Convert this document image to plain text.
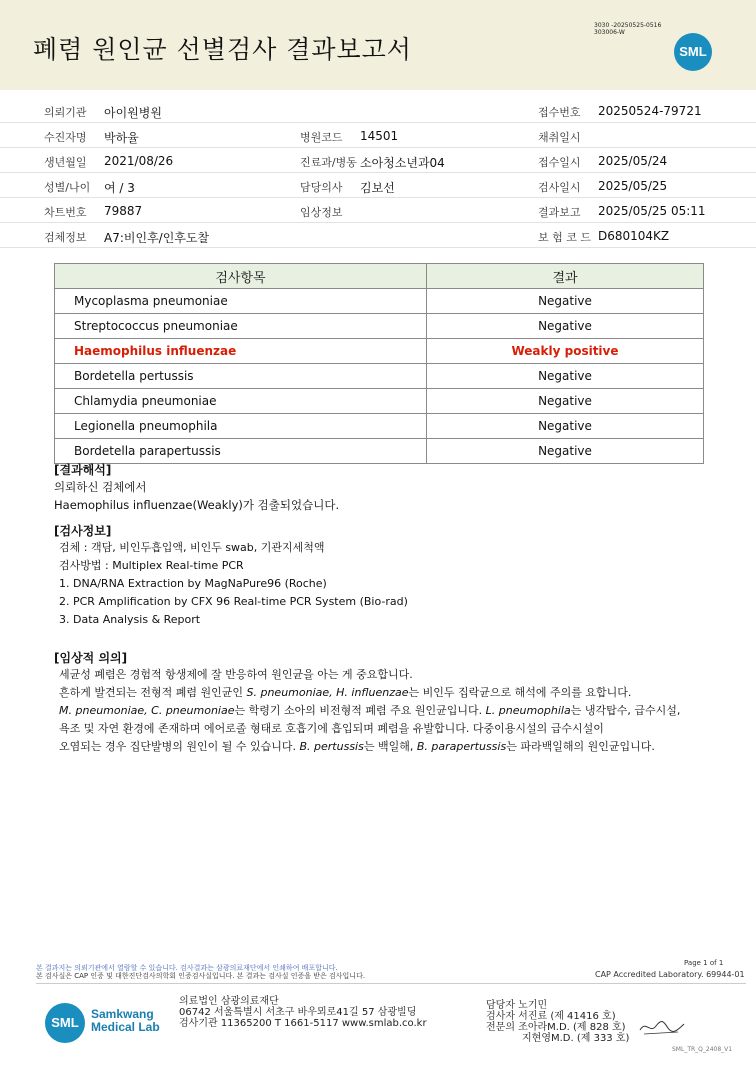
폐렴 원인균 선별검사 결과보고서
3030 -20250525-0516
303006-W
SML
의뢰기관 아이원병원	접수번호 20250524-79721
수진자명 박하율	병원코드 14501	채취일시
생년월일 2021/08/26	진료과/병동 소아청소년과04	접수일시 2025/05/24
성별/나이 여 / 3	담당의사 김보선	검사일시 2025/05/25
차트번호 79887	임상정보	결과보고 2025/05/25 05:11
검체정보 A7:비인후/인후도찰	보 험 코 드 D680104KZ
검사항목	결과
Mycoplasma pneumoniae	Negative
Streptococcus pneumoniae	Negative
Haemophilus influenzae	Weakly positive
Bordetella pertussis	Negative
Chlamydia pneumoniae	Negative
Legionella pneumophila	Negative
Bordetella parapertussis	Negative
[결과해석]
의뢰하신 검체에서
Haemophilus influenzae(Weakly)가 검출되었습니다.
[검사정보]
검체 : 객담, 비인두흡입액, 비인두 swab, 기관지세척액
검사방법 : Multiplex Real-time PCR
1. DNA/RNA Extraction by MagNaPure96 (Roche)
2. PCR Amplification by CFX 96 Real-time PCR System (Bio-rad)
3. Data Analysis & Report
[임상적 의의]
세균성 폐렴은 경험적 항생제에 잘 반응하여 원인균을 아는 게 중요합니다.
흔하게 발견되는 전형적 폐렴 원인균인 S. pneumoniae, H. influenzae는 비인두 집락균으로 해석에 주의를 요합니다.
M. pneumoniae, C. pneumoniae는 학령기 소아의 비전형적 폐렴 주요 원인균입니다. L. pneumophila는 냉각탑수, 급수시설,
욕조 및 자연 환경에 존재하며 에어로졸 형태로 호흡기에 흡입되며 폐렴을 유발합니다. 다중이용시설의 급수시설이
오염되는 경우 집단발병의 원인이 될 수 있습니다. B. pertussis는 백일해, B. parapertussis는 파라백일해의 원인균입니다.
본 결과지는 의뢰기관에서 열람할 수 있습니다. 검사결과는 삼광의료재단에서 인쇄하여 배포합니다.
본 검사실은 CAP 인증 및 대한진단검사의학회 인증검사실입니다. 본 결과는 검사실 인증을 받은 검사입니다.
Page 1 of 1
CAP Accredited Laboratory. 69944-01
SML
Samkwang
Medical Lab
의료법인 삼광의료재단
06742 서울특별시 서초구 바우뫼로41길 57 삼광빌딩
검사기관 11365200 T 1661-5117 www.smlab.co.kr
담당자 노기민
검사자 서진료 (제 41416 호)
전문의 조아라M.D. (제 828 호)
지현영M.D. (제 333 호)
SML_TR_Q_2408_V1
